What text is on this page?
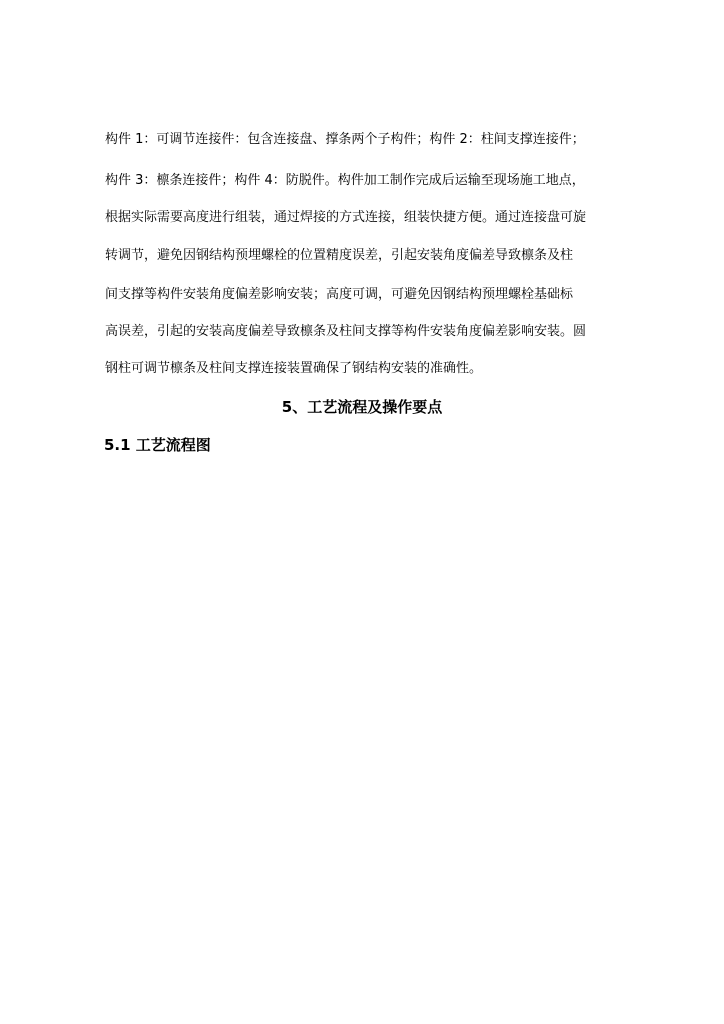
构件 1：可调节连接件：包含连接盘、撑条两个子构件；构件 2：柱间支撑连接件；
构件 3：檩条连接件；构件 4：防脱件。构件加工制作完成后运输至现场施工地点，
根据实际需要高度进行组装，通过焊接的方式连接，组装快捷方便。通过连接盘可旋
转调节，避免因钢结构预埋螺栓的位置精度误差，引起安装角度偏差导致檩条及柱
间支撑等构件安装角度偏差影响安装；高度可调，可避免因钢结构预埋螺栓基础标
高误差，引起的安装高度偏差导致檩条及柱间支撑等构件安装角度偏差影响安装。圆
钢柱可调节檩条及柱间支撑连接装置确保了钢结构安装的准确性。
5、工艺流程及操作要点
5.1 工艺流程图
